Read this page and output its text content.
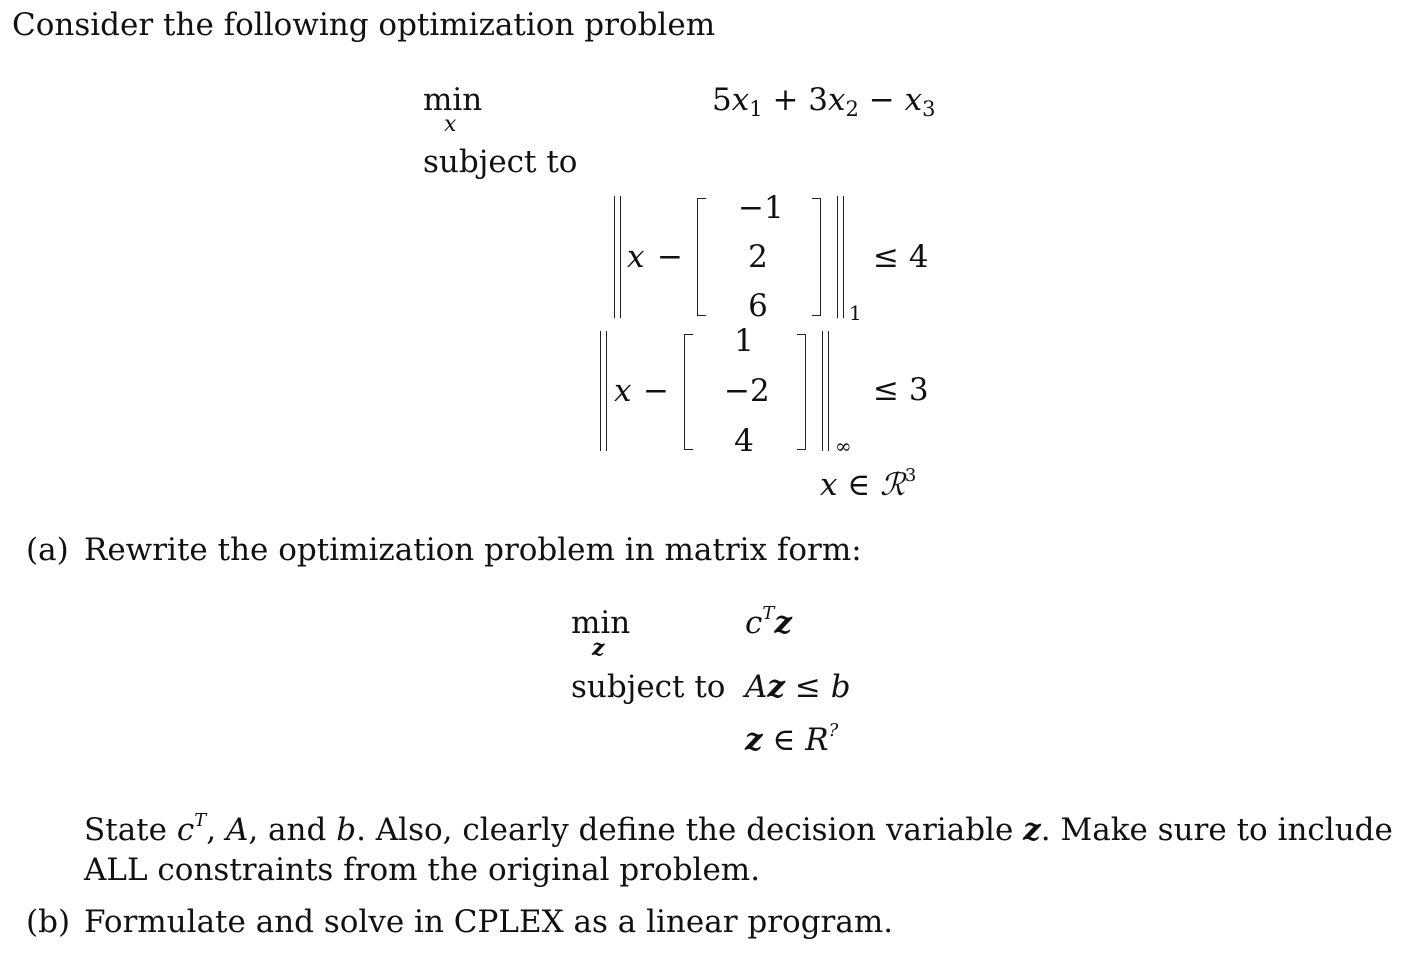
Consider the following optimization problem
min
x
5x1 + 3x2 − x3
subject to
x −
−1
2
6	1
≤ 4
x −
1
−2
4	∞
≤ 3
x ∈ ℛ$^3$
(a) Rewrite the optimization problem in matrix form:
min
z
$c^Tz$
subject to Az ≤ b
z ∈ R?
State $c^T$, A, and b. Also, clearly define the decision variable z. Make sure to include
ALL constraints from the original problem.
(b) Formulate and solve in CPLEX as a linear program.
